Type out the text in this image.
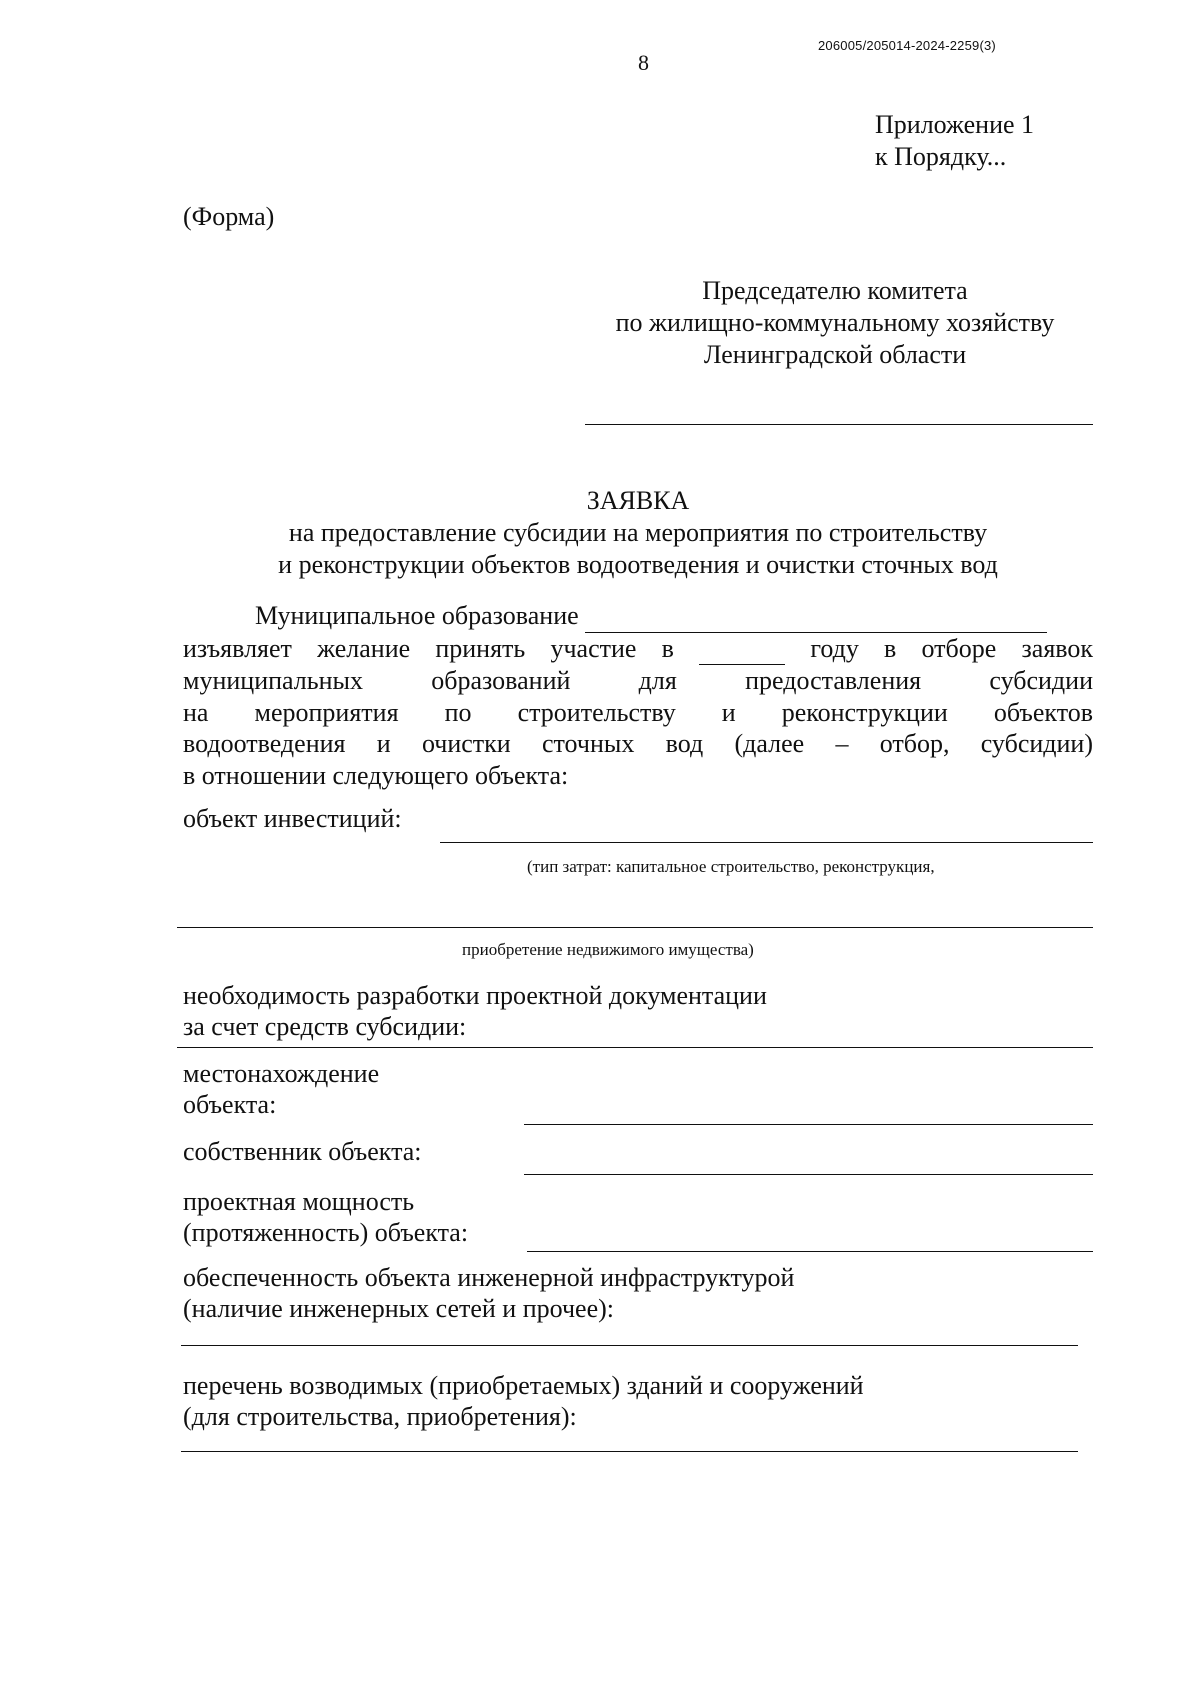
206005/205014-2024-2259(3)
8
Приложение 1
к Порядку...
(Форма)
Председателю комитета
по жилищно-коммунальному хозяйству
Ленинградской области
ЗАЯВКА
на предоставление субсидии на мероприятия по строительству
и реконструкции объектов водоотведения и очистки сточных вод
Муниципальное образование
изъявляет желание принять участие в	году в отборе заявок
муниципальных образований для предоставления субсидии
на мероприятия по строительству и реконструкции объектов
водоотведения и очистки сточных вод (далее – отбор, субсидии)
в отношении следующего объекта:
объект инвестиций:
(тип затрат: капитальное строительство, реконструкция,
приобретение недвижимого имущества)
необходимость разработки проектной документации
за счет средств субсидии:
местонахождение
объекта:
собственник объекта:
проектная мощность
(протяженность) объекта:
обеспеченность объекта инженерной инфраструктурой
(наличие инженерных сетей и прочее):
перечень возводимых (приобретаемых) зданий и сооружений
(для строительства, приобретения):
